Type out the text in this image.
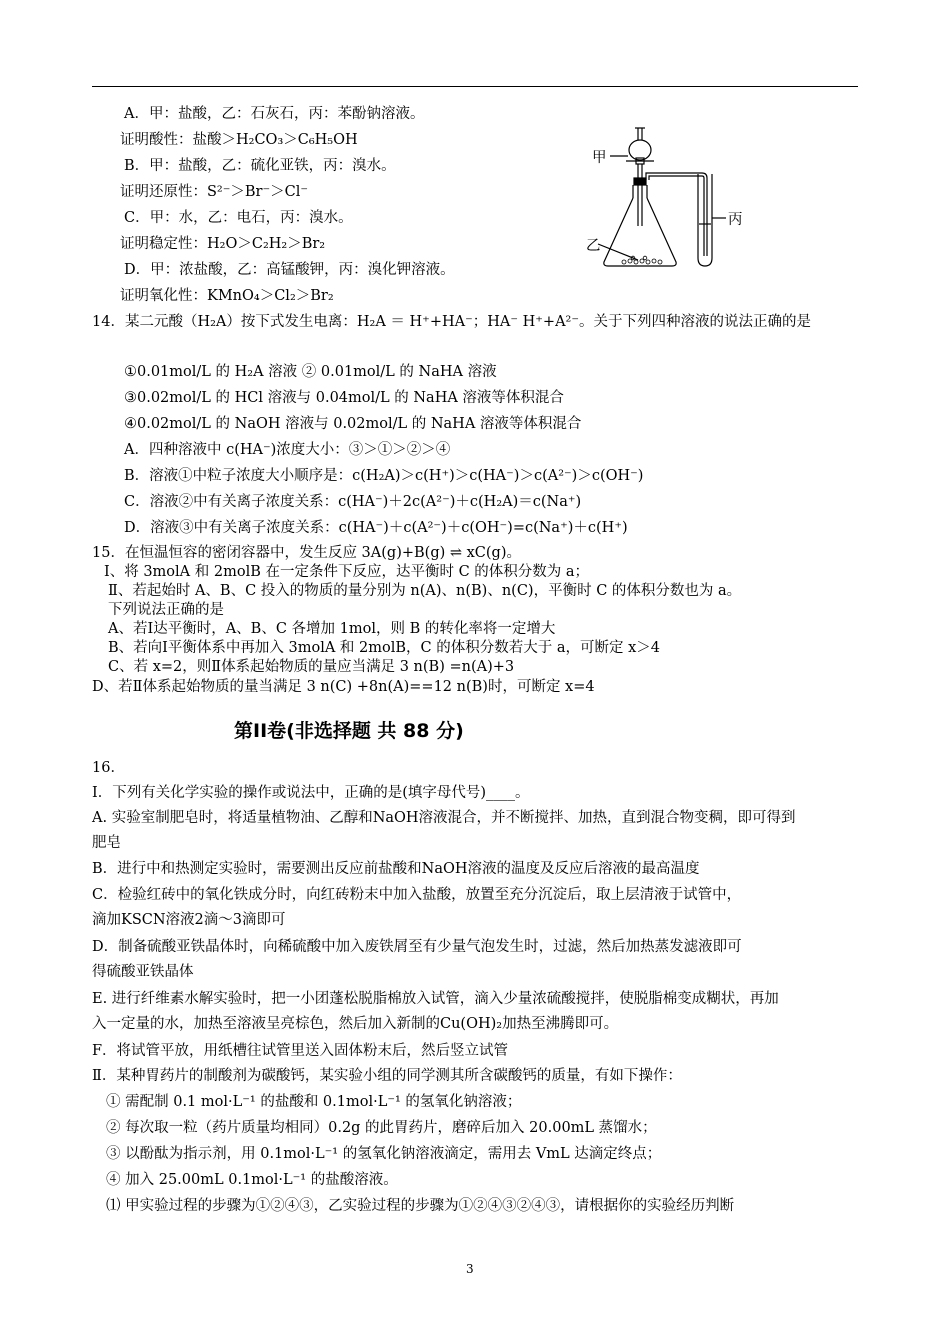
A．甲：盐酸，乙：石灰石，丙：苯酚钠溶液。
证明酸性：盐酸＞H₂CO₃＞C₆H₅OH
B．甲：盐酸，乙：硫化亚铁，丙：溴水。
证明还原性：S²⁻＞Br⁻＞Cl⁻
C．甲：水，乙：电石，丙：溴水。
证明稳定性：H₂O＞C₂H₂＞Br₂
D．甲：浓盐酸，乙：高锰酸钾，丙：溴化钾溶液。
证明氧化性：KMnO₄＞Cl₂＞Br₂
甲
乙
丙
14．某二元酸（H₂A）按下式发生电离：H₂A ＝ H⁺+HA⁻；HA⁻ H⁺+A²⁻。关于下列四种溶液的说法正确的是
①0.01mol/L 的 H₂A 溶液 ② 0.01mol/L 的 NaHA 溶液
③0.02mol/L 的 HCl 溶液与 0.04mol/L 的 NaHA 溶液等体积混合
④0.02mol/L 的 NaOH 溶液与 0.02mol/L 的 NaHA 溶液等体积混合
A．四种溶液中 c(HA⁻)浓度大小：③＞①＞②＞④
B．溶液①中粒子浓度大小顺序是：c(H₂A)＞c(H⁺)＞c(HA⁻)＞c(A²⁻)＞c(OH⁻)
C．溶液②中有关离子浓度关系：c(HA⁻)＋2c(A²⁻)＋c(H₂A)＝c(Na⁺)
D．溶液③中有关离子浓度关系：c(HA⁻)＋c(A²⁻)＋c(OH⁻)=c(Na⁺)＋c(H⁺)
15．在恒温恒容的密闭容器中，发生反应 3A(g)+B(g) ⇌ xC(g)。
Ⅰ、将 3molA 和 2molB 在一定条件下反应，达平衡时 C 的体积分数为 a；
Ⅱ、若起始时 A、B、C 投入的物质的量分别为 n(A)、n(B)、n(C)，平衡时 C 的体积分数也为 a。
下列说法正确的是
A、若Ⅰ达平衡时，A、B、C 各增加 1mol，则 B 的转化率将一定增大
B、若向Ⅰ平衡体系中再加入 3molA 和 2molB，C 的体积分数若大于 a，可断定 x＞4
C、若 x=2，则Ⅱ体系起始物质的量应当满足 3 n(B) =n(A)+3
D、若Ⅱ体系起始物质的量当满足 3 n(C) +8n(A)==12 n(B)时，可断定 x=4
第II卷(非选择题 共 88 分)
16．
Ⅰ．下列有关化学实验的操作或说法中，正确的是(填字母代号)____。
A. 实验室制肥皂时，将适量植物油、乙醇和NaOH溶液混合，并不断搅拌、加热，直到混合物变稠，即可得到
肥皂
B．进行中和热测定实验时，需要测出反应前盐酸和NaOH溶液的温度及反应后溶液的最高温度
C．检验红砖中的氧化铁成分时，向红砖粉末中加入盐酸，放置至充分沉淀后，取上层清液于试管中，
滴加KSCN溶液2滴～3滴即可
D．制备硫酸亚铁晶体时，向稀硫酸中加入废铁屑至有少量气泡发生时，过滤，然后加热蒸发滤液即可
得硫酸亚铁晶体
E. 进行纤维素水解实验时，把一小团蓬松脱脂棉放入试管，滴入少量浓硫酸搅拌，使脱脂棉变成糊状，再加
入一定量的水，加热至溶液呈亮棕色，然后加入新制的Cu(OH)₂加热至沸腾即可。
F．将试管平放，用纸槽往试管里送入固体粉末后，然后竖立试管
Ⅱ．某种胃药片的制酸剂为碳酸钙，某实验小组的同学测其所含碳酸钙的质量，有如下操作：
① 需配制 0.1 mol·L⁻¹ 的盐酸和 0.1mol·L⁻¹ 的氢氧化钠溶液；
② 每次取一粒（药片质量均相同）0.2g 的此胃药片，磨碎后加入 20.00mL 蒸馏水；
③ 以酚酞为指示剂，用 0.1mol·L⁻¹ 的氢氧化钠溶液滴定，需用去 VmL 达滴定终点；
④ 加入 25.00mL 0.1mol·L⁻¹ 的盐酸溶液。
⑴ 甲实验过程的步骤为①②④③，乙实验过程的步骤为①②④③②④③，请根据你的实验经历判断
3
